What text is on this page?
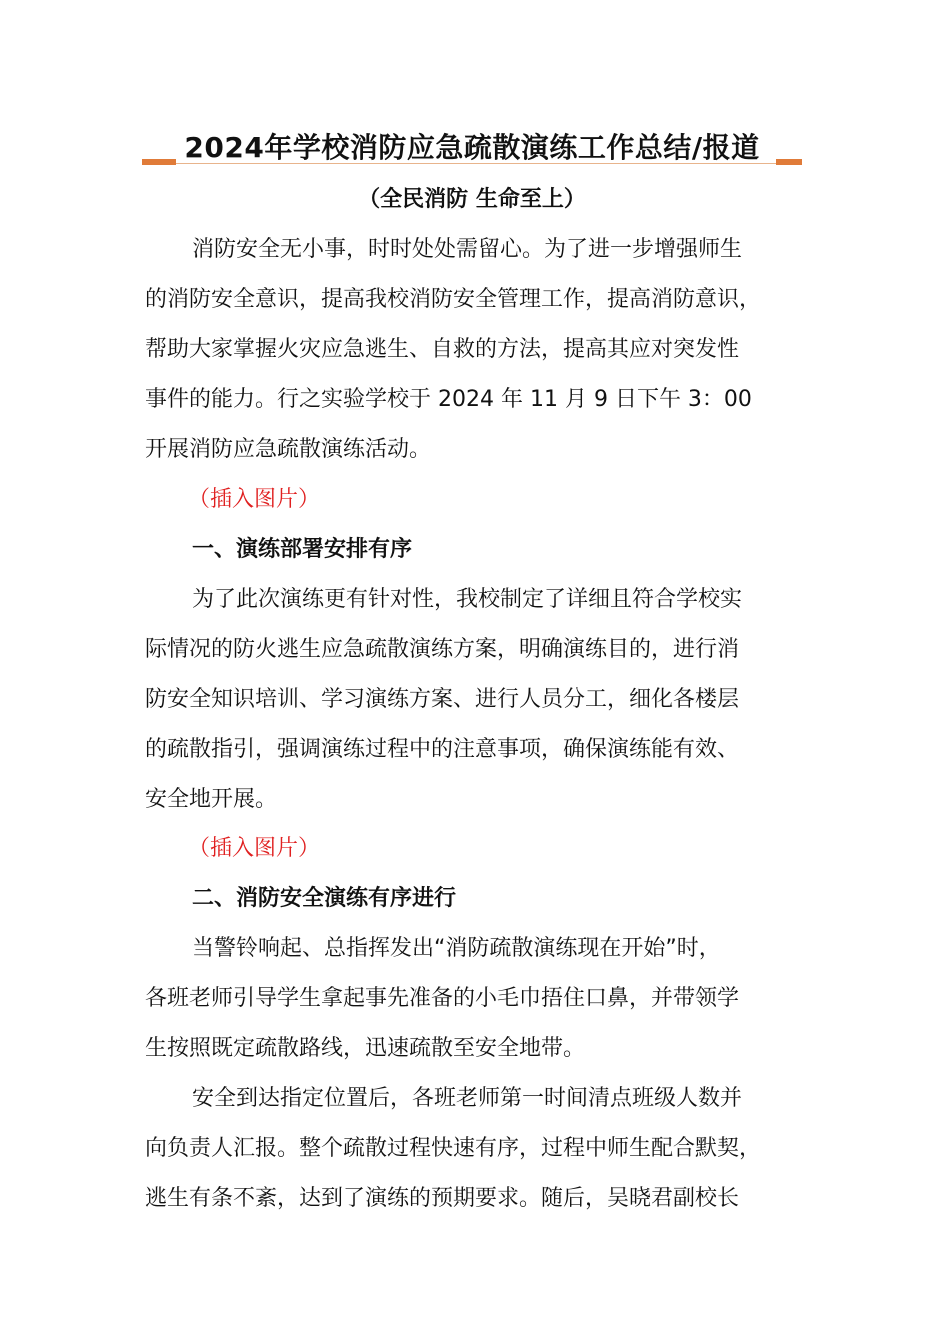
2024年学校消防应急疏散演练工作总结/报道
（全民消防 生命至上）
消防安全无小事，时时处处需留心。为了进一步增强师生
的消防安全意识，提高我校消防安全管理工作，提高消防意识，
帮助大家掌握火灾应急逃生、自救的方法，提高其应对突发性
事件的能力。行之实验学校于 2024 年 11 月 9 日下午 3：00
开展消防应急疏散演练活动。
（插入图片）
一、演练部署安排有序
为了此次演练更有针对性，我校制定了详细且符合学校实
际情况的防火逃生应急疏散演练方案，明确演练目的，进行消
防安全知识培训、学习演练方案、进行人员分工，细化各楼层
的疏散指引，强调演练过程中的注意事项，确保演练能有效、
安全地开展。
（插入图片）
二、消防安全演练有序进行
当警铃响起、总指挥发出“消防疏散演练现在开始”时，
各班老师引导学生拿起事先准备的小毛巾捂住口鼻，并带领学
生按照既定疏散路线，迅速疏散至安全地带。
安全到达指定位置后，各班老师第一时间清点班级人数并
向负责人汇报。整个疏散过程快速有序，过程中师生配合默契，
逃生有条不紊，达到了演练的预期要求。随后，吴晓君副校长
